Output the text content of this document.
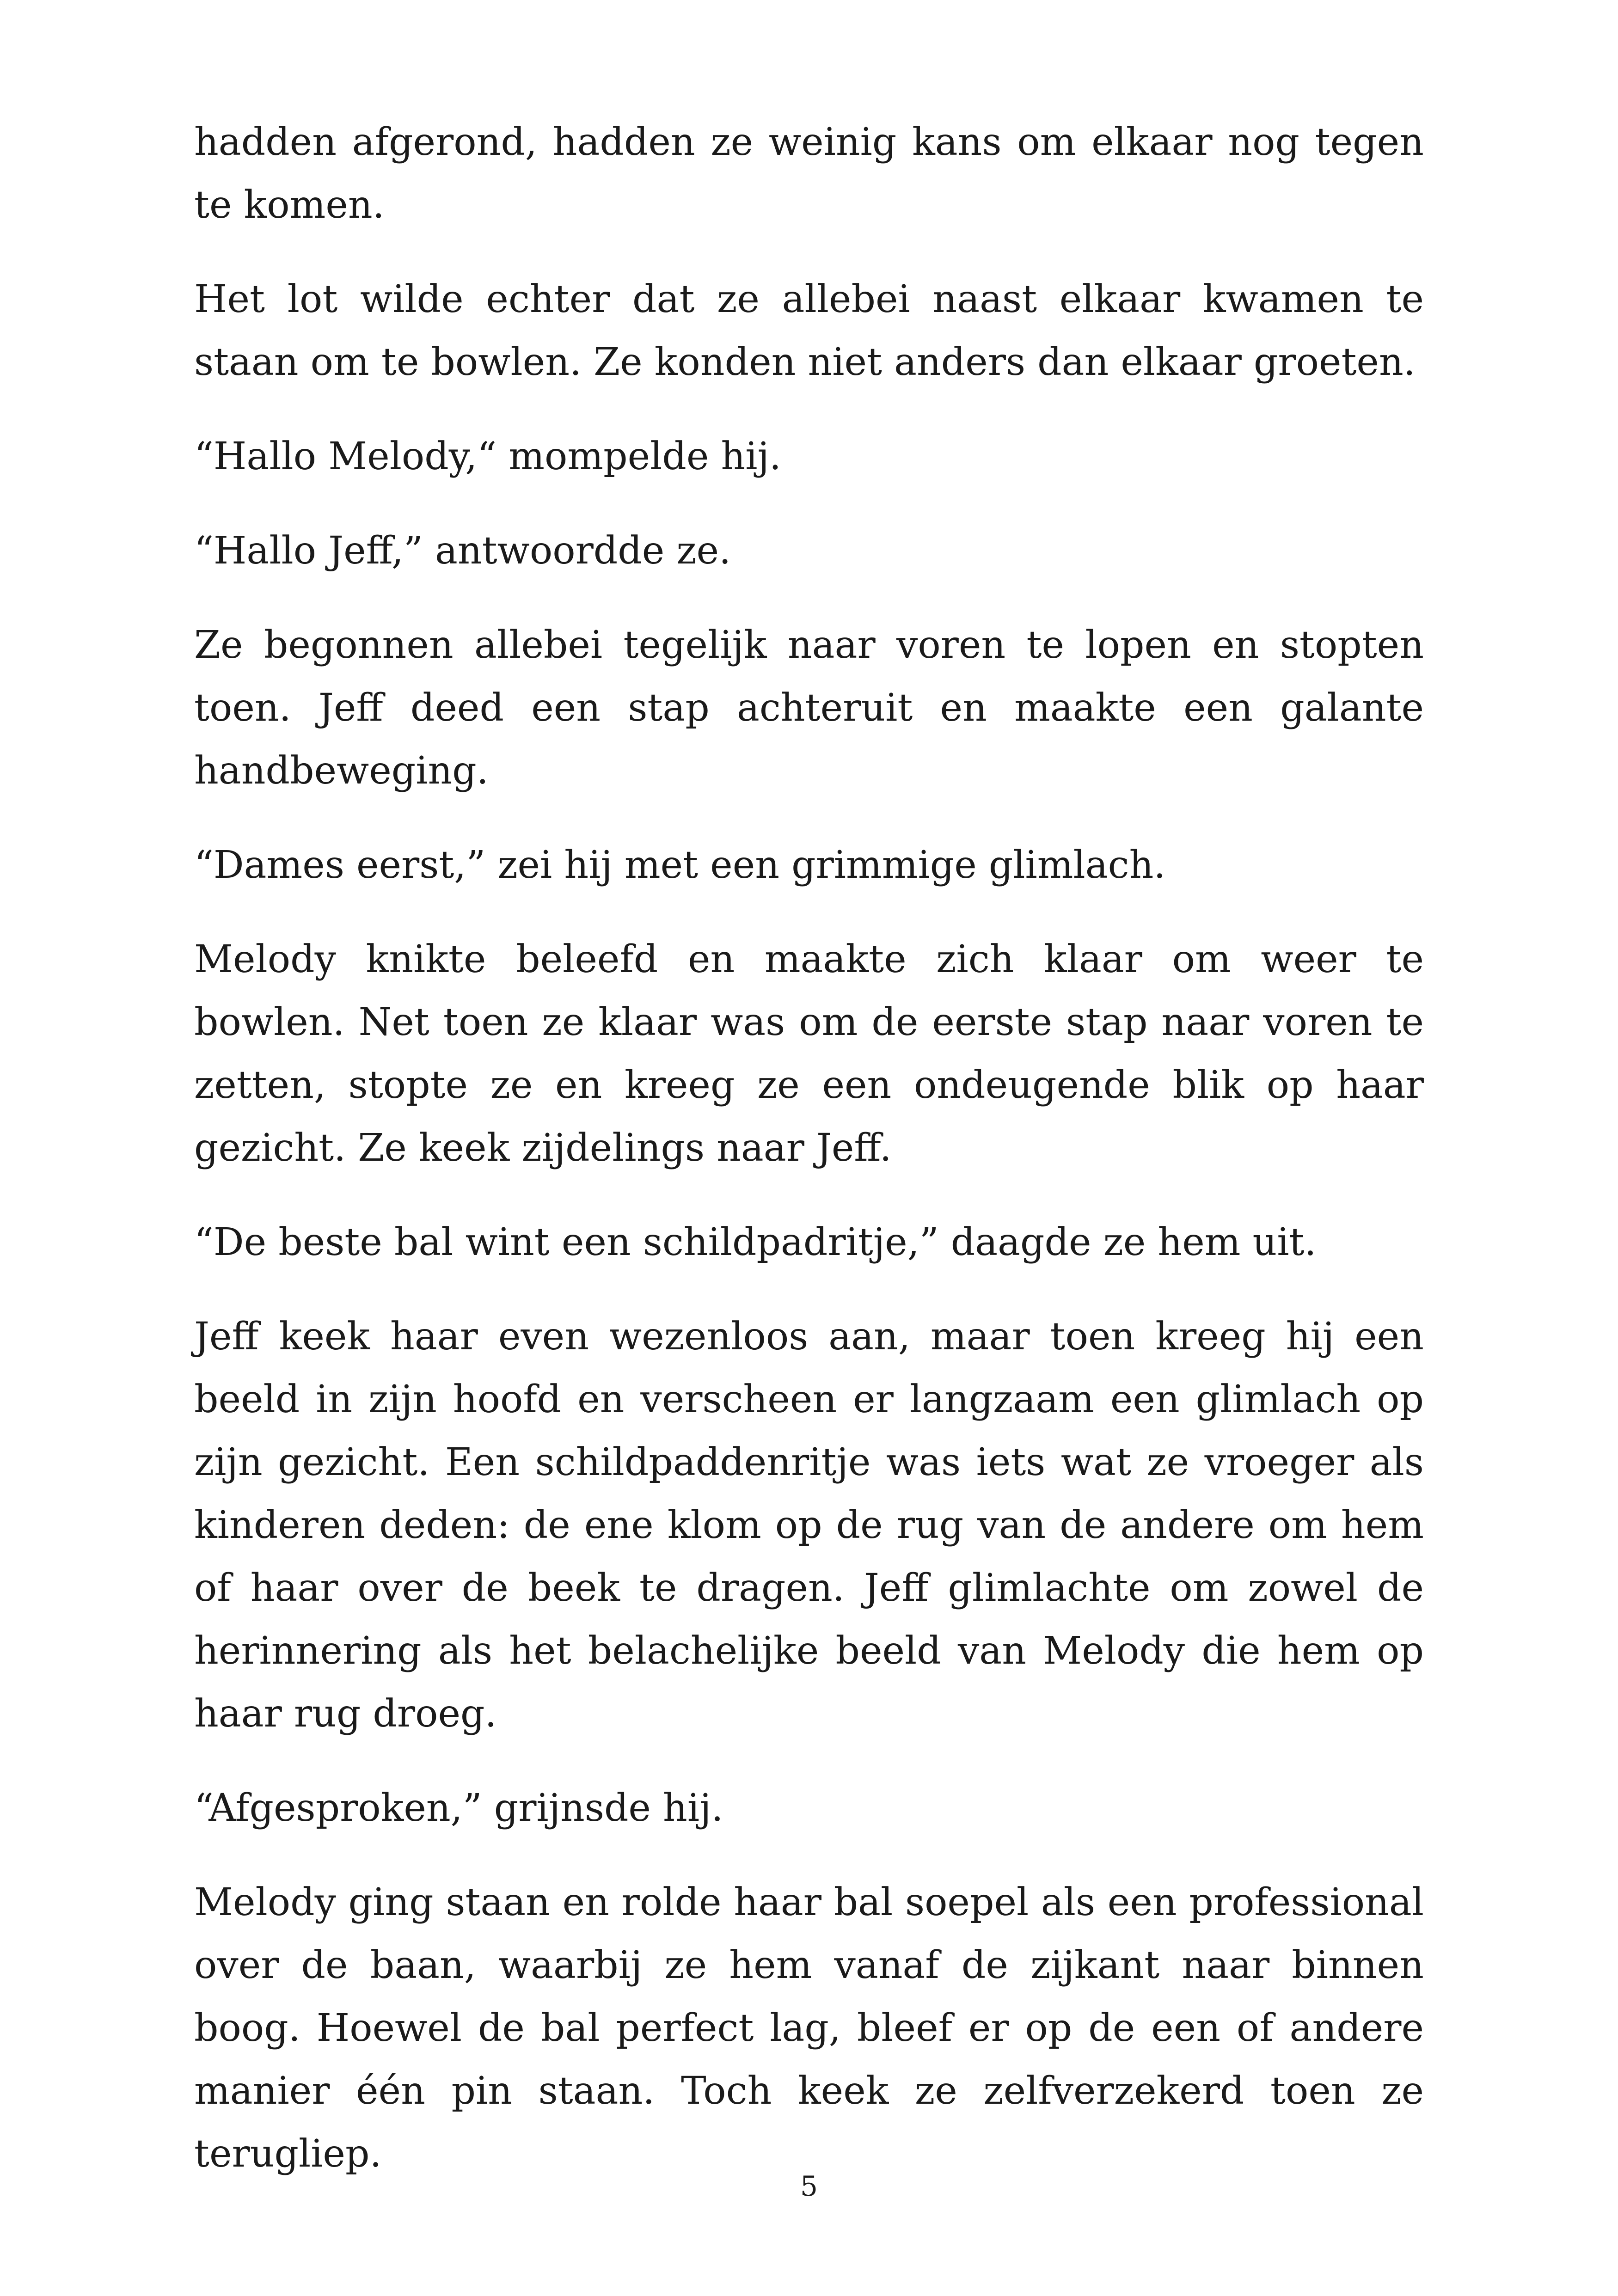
hadden afgerond, hadden ze weinig kans om elkaar nog tegen te komen.

Het lot wilde echter dat ze allebei naast elkaar kwamen te staan om te bowlen. Ze konden niet anders dan elkaar groeten.

“Hallo Melody,“ mompelde hij.

“Hallo Jeff,” antwoordde ze.

Ze begonnen allebei tegelijk naar voren te lopen en stopten toen. Jeff deed een stap achteruit en maakte een galante handbeweging.

“Dames eerst,” zei hij met een grimmige glimlach.

Melody knikte beleefd en maakte zich klaar om weer te bowlen. Net toen ze klaar was om de eerste stap naar voren te zetten, stopte ze en kreeg ze een ondeugende blik op haar gezicht. Ze keek zijdelings naar Jeff.

“De beste bal wint een schildpadritje,” daagde ze hem uit.

Jeff keek haar even wezenloos aan, maar toen kreeg hij een beeld in zijn hoofd en verscheen er langzaam een glimlach op zijn gezicht. Een schildpaddenritje was iets wat ze vroeger als kinderen deden: de ene klom op de rug van de andere om hem of haar over de beek te dragen. Jeff glimlachte om zowel de herinnering als het belachelijke beeld van Melody die hem op haar rug droeg.

“Afgesproken,” grijnsde hij.

Melody ging staan en rolde haar bal soepel als een professional over de baan, waarbij ze hem vanaf de zijkant naar binnen boog. Hoewel de bal perfect lag, bleef er op de een of andere manier één pin staan. Toch keek ze zelfverzekerd toen ze terugliep.

5
